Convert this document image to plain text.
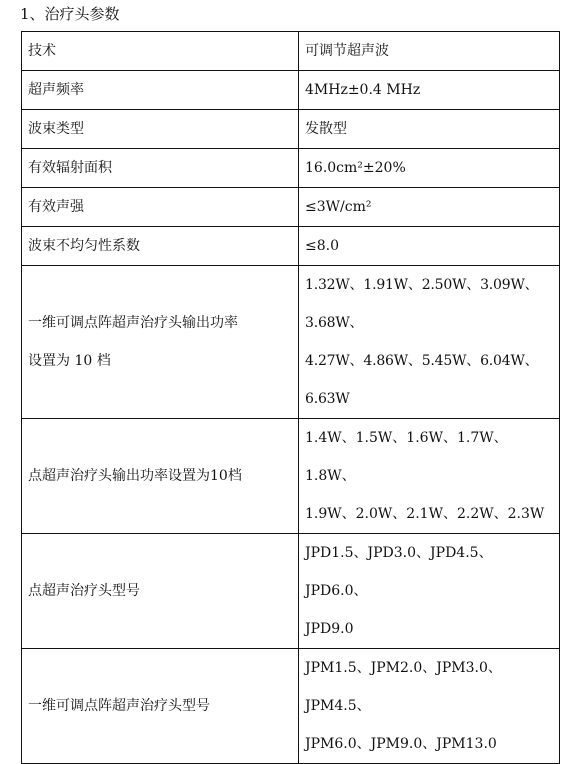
1、治疗头参数
技术	可调节超声波

超声频率	4MHz±0.4 MHz

波束类型	发散型

有效辐射面积	16.0cm²±20%

有效声强	≤3W/cm²

波束不均匀性系数	≤8.0

一维可调点阵超声治疗头输出功率
设置为 10 档	1.32W、1.91W、2.50W、3.09W、3.68W、
4.27W、4.86W、5.45W、6.04W、6.63W

点超声治疗头输出功率设置为10档	1.4W、1.5W、1.6W、1.7W、1.8W、
1.9W、2.0W、2.1W、2.2W、2.3W

点超声治疗头型号	JPD1.5、JPD3.0、JPD4.5、JPD6.0、
JPD9.0

一维可调点阵超声治疗头型号	JPM1.5、JPM2.0、JPM3.0、JPM4.5、
JPM6.0、JPM9.0、JPM13.0
